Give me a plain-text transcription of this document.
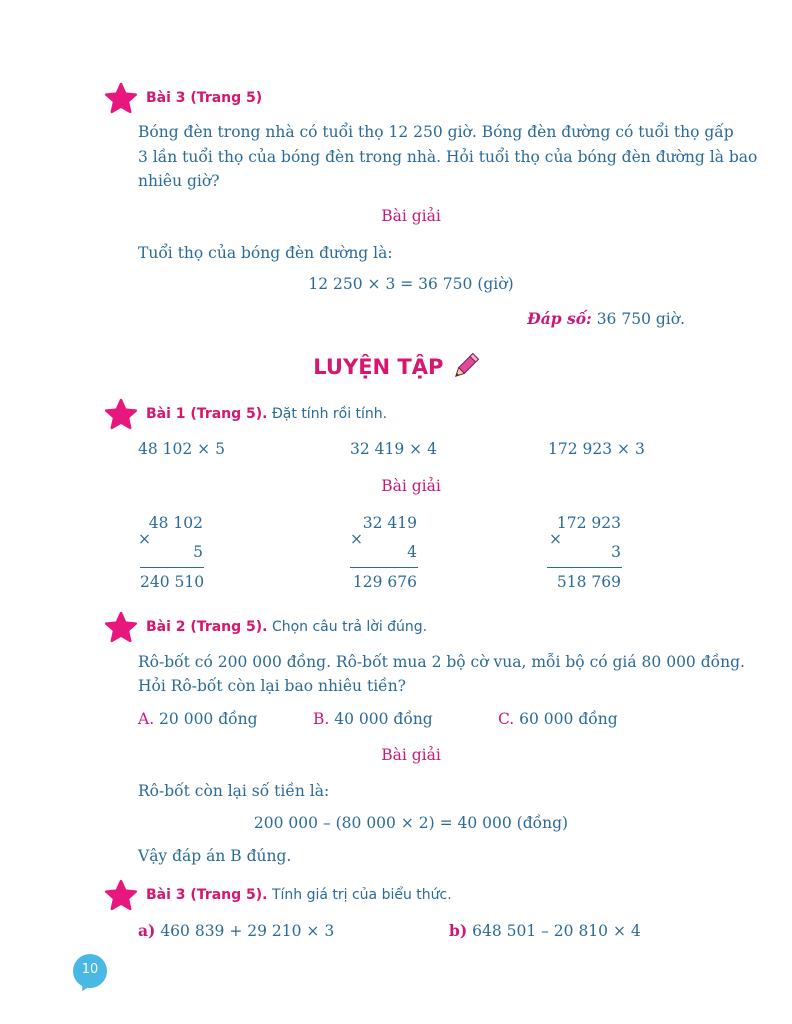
Bài 3 (Trang 5)
Bóng đèn trong nhà có tuổi thọ 12 250 giờ. Bóng đèn đường có tuổi thọ gấp
3 lần tuổi thọ của bóng đèn trong nhà. Hỏi tuổi thọ của bóng đèn đường là bao
nhiêu giờ?
Bài giải
Tuổi thọ của bóng đèn đường là:
12 250 × 3 = 36 750 (giờ)
Đáp số: 36 750 giờ.
LUYỆN TẬP
Bài 1 (Trang 5). Đặt tính rồi tính.
48 102 × 5	32 419 × 4	172 923 × 3
Bài giải
48 102
×
5
240 510
32 419
×
4
129 676
172 923
×
3
518 769
Bài 2 (Trang 5). Chọn câu trả lời đúng.
Rô-bốt có 200 000 đồng. Rô-bốt mua 2 bộ cờ vua, mỗi bộ có giá 80 000 đồng.
Hỏi Rô-bốt còn lại bao nhiêu tiền?
A. 20 000 đồng	B. 40 000 đồng	C. 60 000 đồng
Bài giải
Rô-bốt còn lại số tiền là:
200 000 – (80 000 × 2) = 40 000 (đồng)
Vậy đáp án B đúng.
Bài 3 (Trang 5). Tính giá trị của biểu thức.
a) 460 839 + 29 210 × 3	b) 648 501 – 20 810 × 4
10
